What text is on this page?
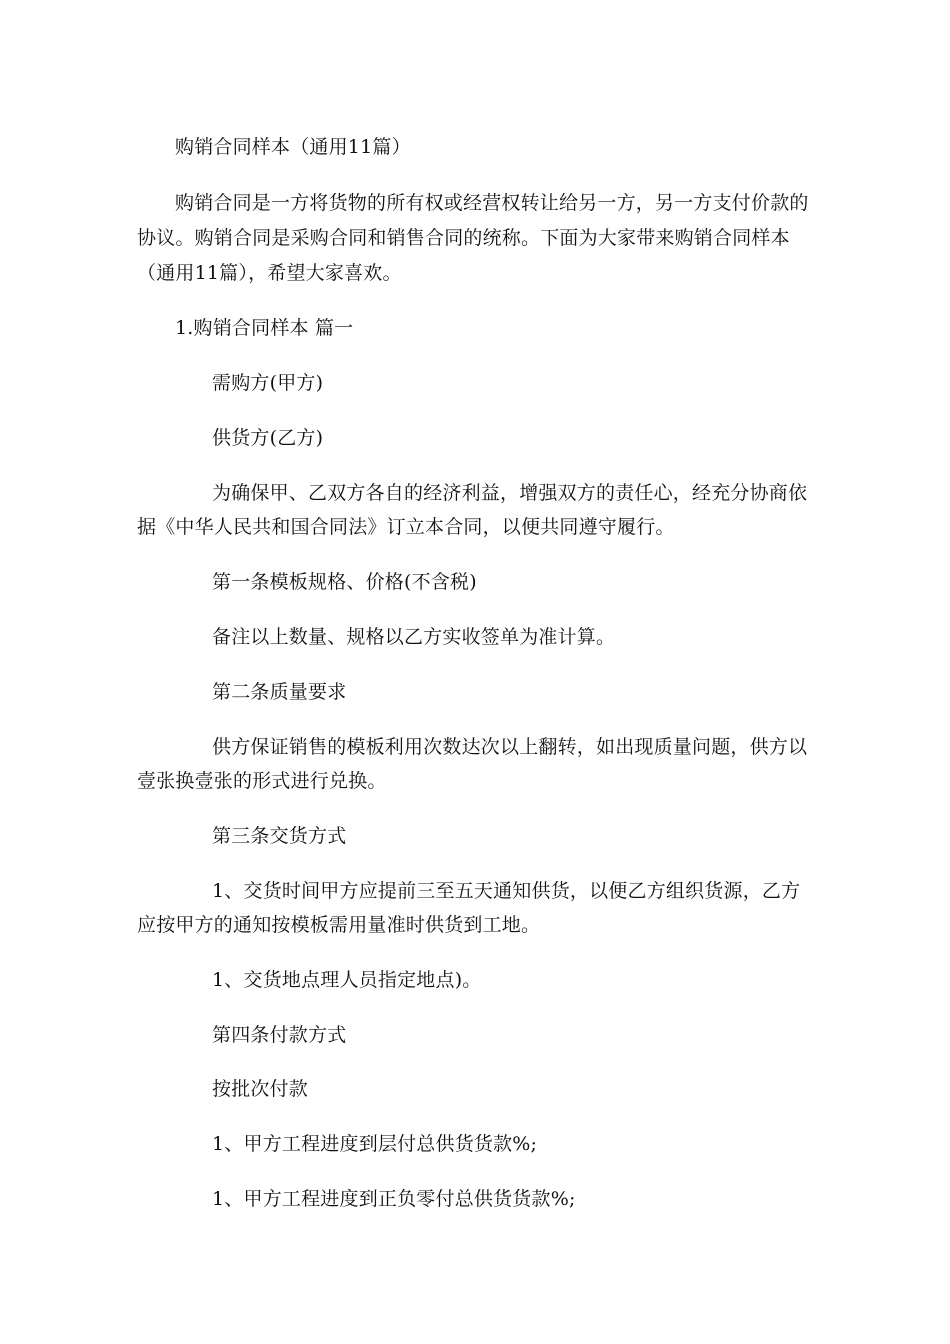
购销合同样本（通用11篇）

购销合同是一方将货物的所有权或经营权转让给另一方，另一方支付价款的

协议。购销合同是采购合同和销售合同的统称。下面为大家带来购销合同样本

（通用11篇），希望大家喜欢。

1.购销合同样本 篇一

需购方(甲方)

供货方(乙方)

为确保甲、乙双方各自的经济利益，增强双方的责任心，经充分协商依

据《中华人民共和国合同法》订立本合同，以便共同遵守履行。

第一条模板规格、价格(不含税)

备注以上数量、规格以乙方实收签单为准计算。

第二条质量要求

供方保证销售的模板利用次数达次以上翻转，如出现质量问题，供方以

壹张换壹张的形式进行兑换。

第三条交货方式

1、交货时间甲方应提前三至五天通知供货，以便乙方组织货源，乙方

应按甲方的通知按模板需用量准时供货到工地。

1、交货地点理人员指定地点)。

第四条付款方式

按批次付款

1、甲方工程进度到层付总供货货款%;

1、甲方工程进度到正负零付总供货货款%;
